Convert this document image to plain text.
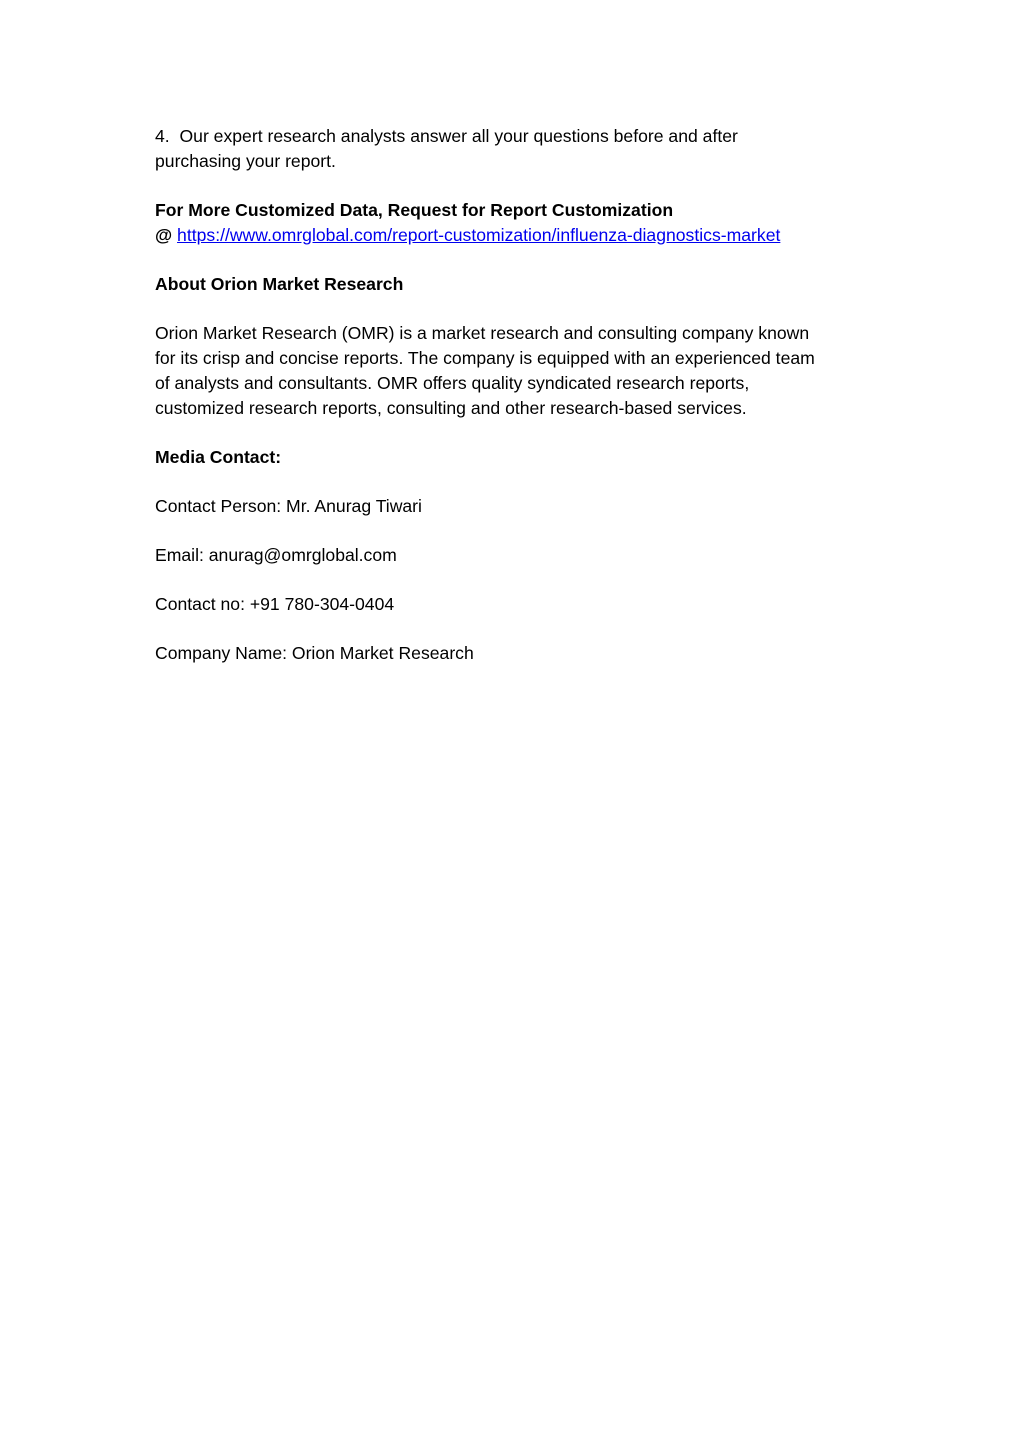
4. Our expert research analysts answer all your questions before and after
purchasing your report.

For More Customized Data, Request for Report Customization
@ https://www.omrglobal.com/report-customization/influenza-diagnostics-market

About Orion Market Research

Orion Market Research (OMR) is a market research and consulting company known
for its crisp and concise reports. The company is equipped with an experienced team
of analysts and consultants. OMR offers quality syndicated research reports,
customized research reports, consulting and other research-based services.

Media Contact:

Contact Person: Mr. Anurag Tiwari

Email: anurag@omrglobal.com

Contact no: +91 780-304-0404

Company Name: Orion Market Research
